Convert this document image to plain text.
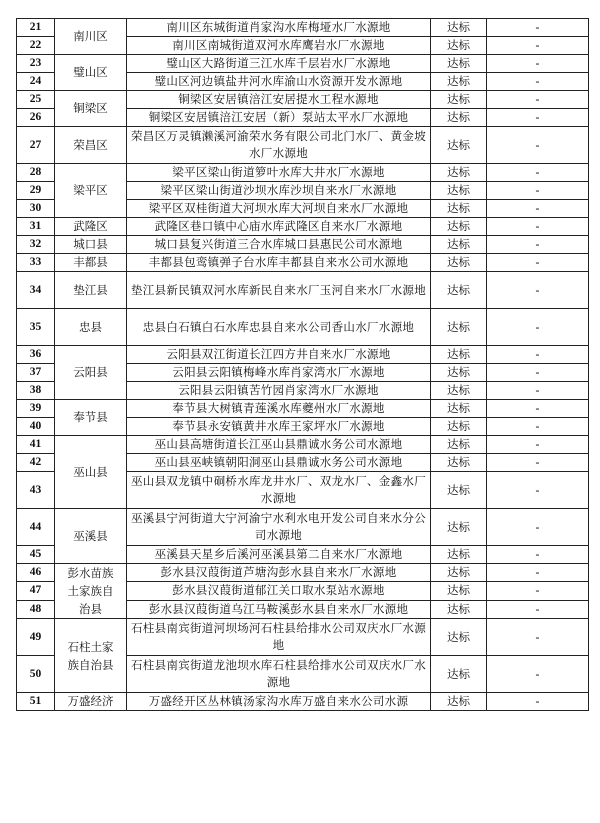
21	南川区	南川区东城街道肖家沟水库梅垭水厂水源地	达标	-
22		南川区南城街道双河水库鹰岩水厂水源地	达标	-
23	璧山区	璧山区大路街道三江水库千层岩水厂水源地	达标	-
24		璧山区河边镇盐井河水库渝山水资源开发水源地	达标	-
25	铜梁区	铜梁区安居镇涪江安居提水工程水源地	达标	-
26		铜梁区安居镇涪江安居（新）泵站太平水厂水源地	达标	-
27	荣昌区	荣昌区万灵镇濑溪河渝荣水务有限公司北门水厂、黄金坡水厂水源地	达标	-
28	梁平区	梁平区梁山街道箩叶水库大井水厂水源地	达标	-
29		梁平区梁山街道沙坝水库沙坝自来水厂水源地	达标	-
30		梁平区双桂街道大河坝水库大河坝自来水厂水源地	达标	-
31	武隆区	武隆区巷口镇中心庙水库武隆区自来水厂水源地	达标	-
32	城口县	城口县复兴街道三合水库城口县惠民公司水源地	达标	-
33	丰都县	丰都县包鸾镇弹子台水库丰都县自来水公司水源地	达标	-
34	垫江县	垫江县新民镇双河水库新民自来水厂玉河自来水厂水源地	达标	-
35	忠县	忠县白石镇白石水库忠县自来水公司香山水厂水源地	达标	-
36	云阳县	云阳县双江街道长江四方井自来水厂水源地	达标	-
37		云阳县云阳镇梅峰水库肖家湾水厂水源地	达标	-
38		云阳县云阳镇苦竹园肖家湾水厂水源地	达标	-
39	奉节县	奉节县大树镇青莲溪水库夔州水厂水源地	达标	-
40		奉节县永安镇黄井水库王家坪水厂水源地	达标	-
41	巫山县	巫山县高塘街道长江巫山县鼎诚水务公司水源地	达标	-
42		巫山县巫峡镇朝阳洞巫山县鼎诚水务公司水源地	达标	-
43		巫山县双龙镇中硐桥水库龙井水厂、双龙水厂、金鑫水厂水源地	达标	-
44	巫溪县	巫溪县宁河街道大宁河渝宁水利水电开发公司自来水分公司水源地	达标	-
45		巫溪县天星乡后溪河巫溪县第二自来水厂水源地	达标	-
46	彭水苗族土家族自治县	彭水县汉葭街道芦塘沟彭水县自来水厂水源地	达标	-
47		彭水县汉葭街道郁江关口取水泵站水源地	达标	-
48		彭水县汉葭街道乌江马鞍溪彭水县自来水厂水源地	达标	-
49	石柱土家族自治县	石柱县南宾街道河坝场河石柱县给排水公司双庆水厂水源地	达标	-
50		石柱县南宾街道龙池坝水库石柱县给排水公司双庆水厂水源地	达标	-
51	万盛经济	万盛经开区丛林镇汤家沟水库万盛自来水公司水源	达标	-
